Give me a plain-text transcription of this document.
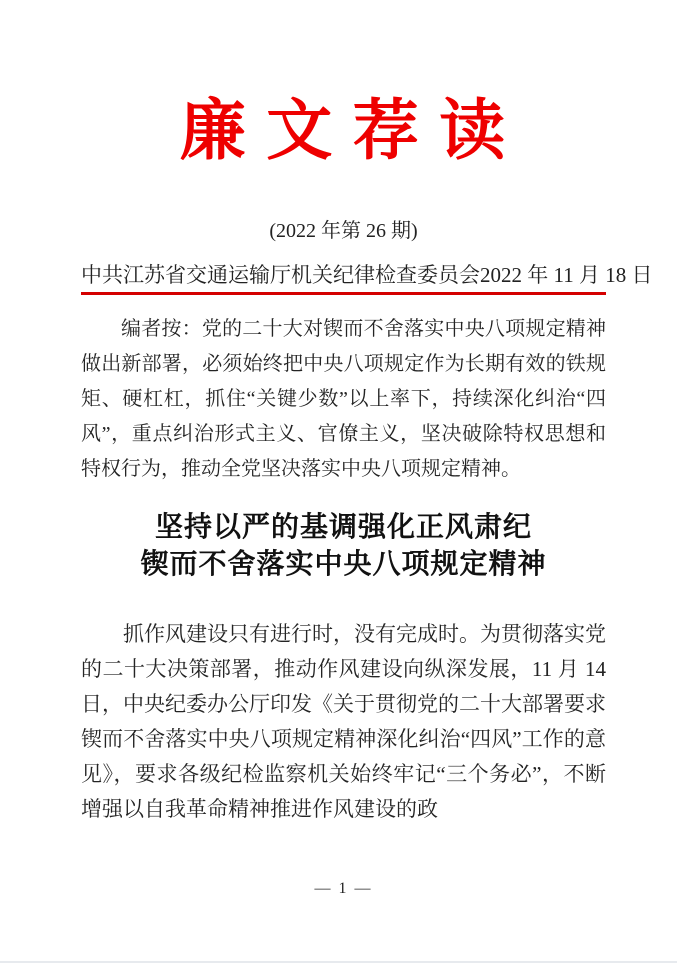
廉 文 荐 读
(2022 年第 26 期)
中共江苏省交通运输厅机关纪律检查委员会 2022 年 11 月 18 日

编者按：党的二十大对锲而不舍落实中央八项规定精神做出新部署，必须始终把中央八项规定作为长期有效的铁规矩、硬杠杠，抓住“关键少数”以上率下，持续深化纠治“四风”，重点纠治形式主义、官僚主义，坚决破除特权思想和特权行为，推动全党坚决落实中央八项规定精神。

坚持以严的基调强化正风肃纪
锲而不舍落实中央八项规定精神

抓作风建设只有进行时，没有完成时。为贯彻落实党的二十大决策部署，推动作风建设向纵深发展，11 月 14 日，中央纪委办公厅印发《关于贯彻党的二十大部署要求 锲而不舍落实中央八项规定精神深化纠治“四风”工作的意见》，要求各级纪检监察机关始终牢记“三个务必”，不断增强以自我革命精神推进作风建设的政

— 1 —
